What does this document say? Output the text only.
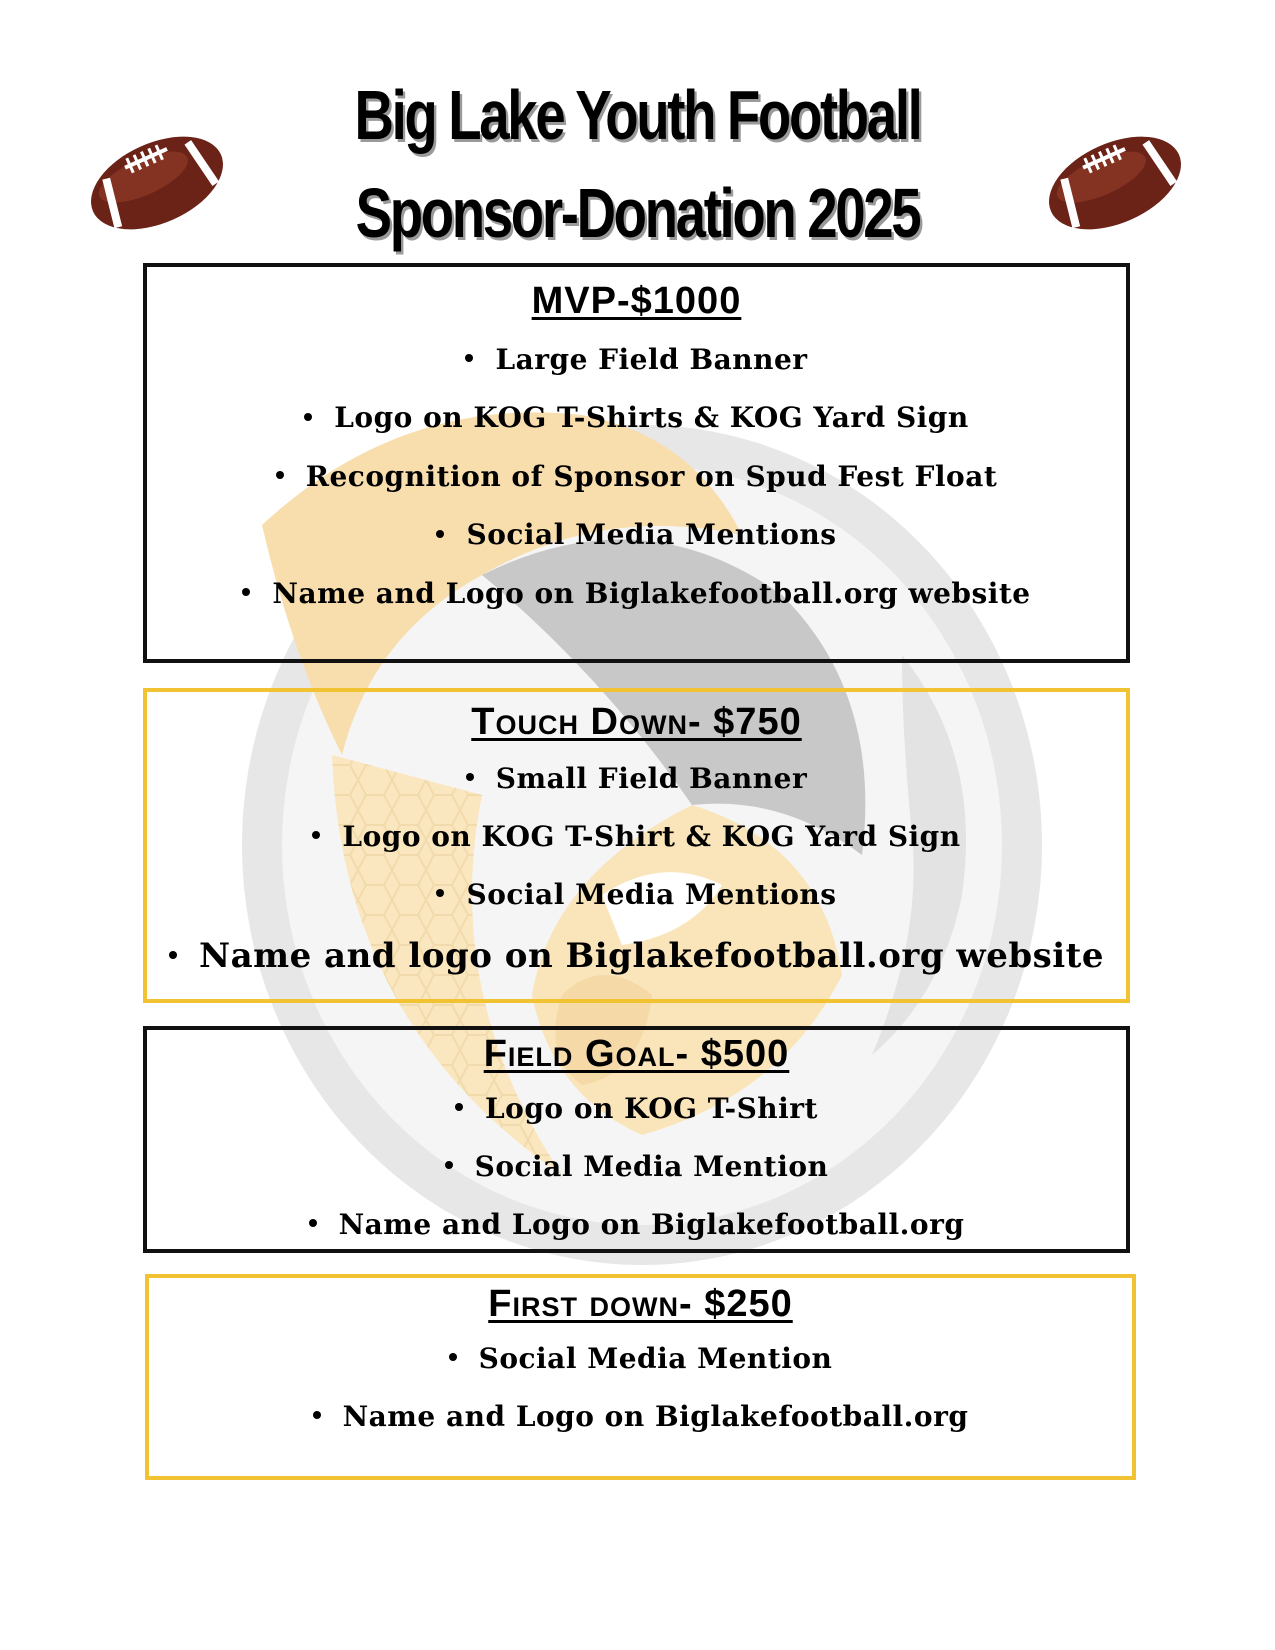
Big Lake Youth Football
Sponsor-Donation 2025
MVP-$1000
Large Field Banner
Logo on KOG T-Shirts & KOG Yard Sign
Recognition of Sponsor on Spud Fest Float
Social Media Mentions
Name and Logo on Biglakefootball.org website
Touch Down- $750
Small Field Banner
Logo on KOG T-Shirt & KOG Yard Sign
Social Media Mentions
Name and logo on Biglakefootball.org website
Field Goal- $500
Logo on KOG T-Shirt
Social Media Mention
Name and Logo on Biglakefootball.org
First down- $250
Social Media Mention
Name and Logo on Biglakefootball.org
